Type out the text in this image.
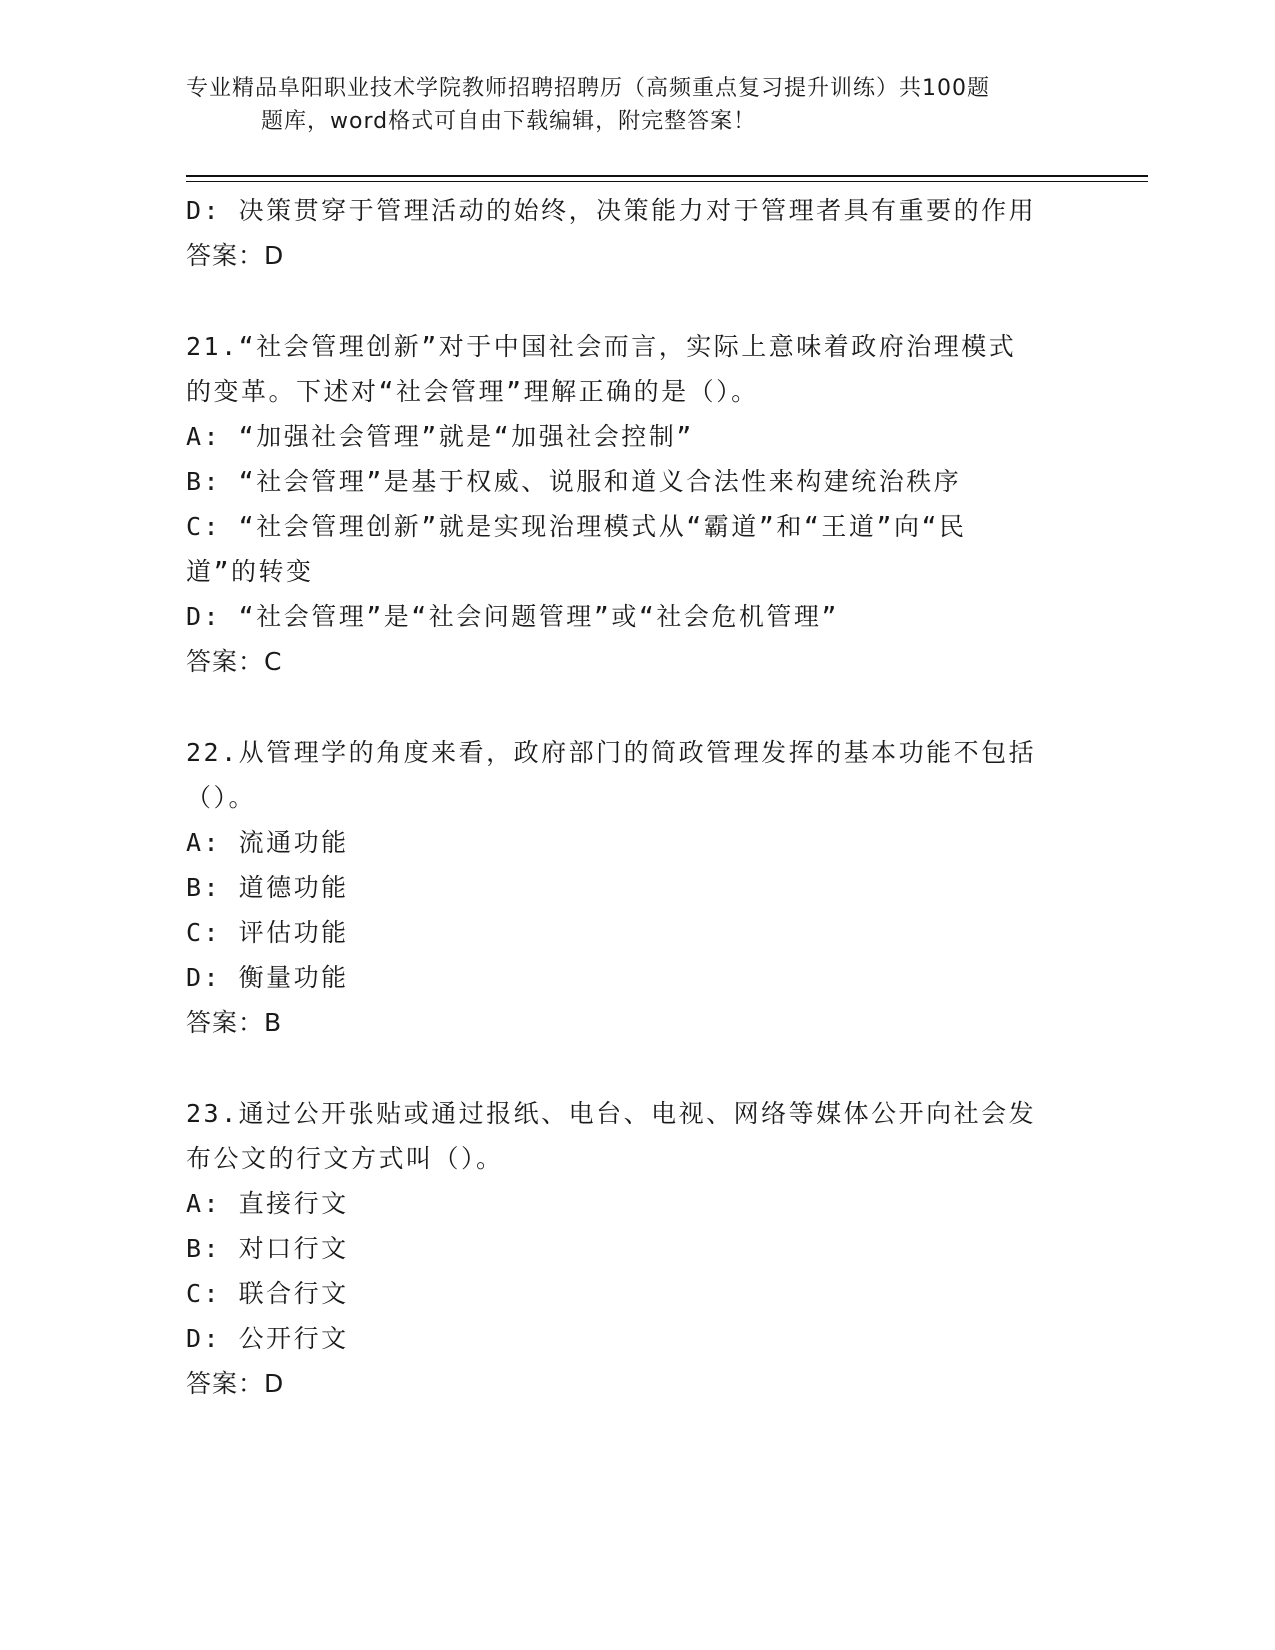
专业精品阜阳职业技术学院教师招聘招聘历（高频重点复习提升训练）共100题
题库，word格式可自由下载编辑，附完整答案！
D: 决策贯穿于管理活动的始终，决策能力对于管理者具有重要的作用
答案：D
21.“社会管理创新”对于中国社会而言，实际上意味着政府治理模式
的变革。下述对“社会管理”理解正确的是（）。
A: “加强社会管理”就是“加强社会控制”
B: “社会管理”是基于权威、说服和道义合法性来构建统治秩序
C: “社会管理创新”就是实现治理模式从“霸道”和“王道”向“民
道”的转变
D: “社会管理”是“社会问题管理”或“社会危机管理”
答案：C
22.从管理学的角度来看，政府部门的简政管理发挥的基本功能不包括
（）。
A: 流通功能
B: 道德功能
C: 评估功能
D: 衡量功能
答案：B
23.通过公开张贴或通过报纸、电台、电视、网络等媒体公开向社会发
布公文的行文方式叫（）。
A: 直接行文
B: 对口行文
C: 联合行文
D: 公开行文
答案：D
